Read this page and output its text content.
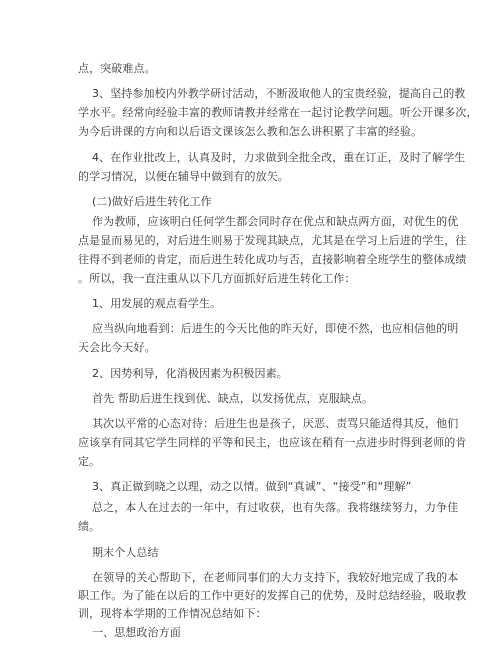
点，突破难点。
3、坚持参加校内外教学研讨活动，不断汲取他人的宝贵经验，提高自己的教
学水平。经常向经验丰富的教师请教并经常在一起讨论教学问题。听公开课多次，
为今后讲课的方向和以后语文课该怎么教和怎么讲积累了丰富的经验。
4、在作业批改上，认真及时，力求做到全批全改，重在订正，及时了解学生
的学习情况，以便在辅导中做到有的放矢。
(二)做好后进生转化工作
作为教师，应该明白任何学生都会同时存在优点和缺点两方面，对优生的优
点是显而易见的，对后进生则易于发现其缺点，尤其是在学习上后进的学生，往
往得不到老师的肯定，而后进生转化成功与否，直接影响着全班学生的整体成绩
。所以，我一直注重从以下几方面抓好后进生转化工作：
1、用发展的观点看学生。
应当纵向地看到：后进生的今天比他的昨天好，即使不然，也应相信他的明
天会比今天好。
2、因势利导，化消极因素为积极因素。
首先 帮助后进生找到优、缺点，以发扬优点，克服缺点。
其次以平常的心态对待：后进生也是孩子，厌恶、责骂只能适得其反，他们
应该享有同其它学生同样的平等和民主，也应该在稍有一点进步时得到老师的肯
定。
3、真正做到晓之以理，动之以情。做到“真诚”、“接受”和“理解”
总之，本人在过去的一年中，有过收获，也有失落。我将继续努力，力争佳
绩。
期末个人总结
在领导的关心帮助下，在老师同事们的大力支持下，我较好地完成了我的本
职工作。为了能在以后的工作中更好的发挥自己的优势，及时总结经验，吸取教
训，现将本学期的工作情况总结如下：
一、思想政治方面
